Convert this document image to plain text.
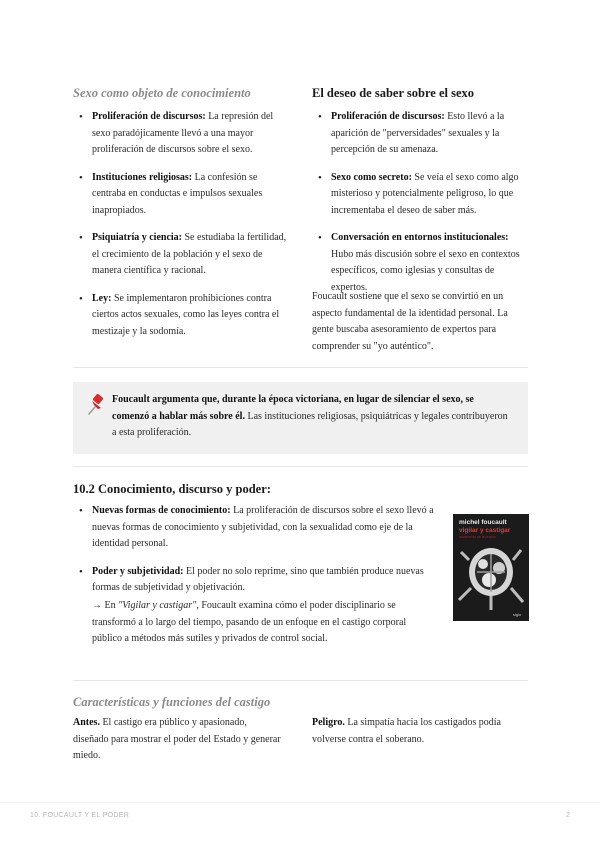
Sexo como objeto de conocimiento
• Proliferación de discursos: La represión del sexo paradójicamente llevó a una mayor proliferación de discursos sobre el sexo.
• Instituciones religiosas: La confesión se centraba en conductas e impulsos sexuales inapropiados.
• Psiquiatría y ciencia: Se estudiaba la fertilidad, el crecimiento de la población y el sexo de manera científica y racional.
• Ley: Se implementaron prohibiciones contra ciertos actos sexuales, como las leyes contra el mestizaje y la sodomía.
El deseo de saber sobre el sexo
• Proliferación de discursos: Esto llevó a la aparición de "perversidades" sexuales y la percepción de su amenaza.
• Sexo como secreto: Se veía el sexo como algo misterioso y potencialmente peligroso, lo que incrementaba el deseo de saber más.
• Conversación en entornos institucionales: Hubo más discusión sobre el sexo en contextos específicos, como iglesias y consultas de expertos.

Foucault sostiene que el sexo se convirtió en un aspecto fundamental de la identidad personal. La gente buscaba asesoramiento de expertos para comprender su "yo auténtico".

Foucault argumenta que, durante la época victoriana, en lugar de silenciar el sexo, se comenzó a hablar más sobre él. Las instituciones religiosas, psiquiátricas y legales contribuyeron a esta proliferación.

10.2 Conocimiento, discurso y poder:
• Nuevas formas de conocimiento: La proliferación de discursos sobre el sexo llevó a nuevas formas de conocimiento y subjetividad, con la sexualidad como eje de la identidad personal.
• Poder y subjetividad: El poder no solo reprime, sino que también produce nuevas formas de subjetividad y objetivación.

→ En "Vigilar y castigar", Foucault examina cómo el poder disciplinario se transformó a lo largo del tiempo, pasando de un enfoque en el castigo corporal público a métodos más sutiles y privados de control social.

michel foucault
vigilar y castigar
nacimiento de la prisión
siglo
Características y funciones del castigo

Antes. El castigo era público y apasionado, diseñado para mostrar el poder del Estado y generar miedo.

Peligro. La simpatía hacia los castigados podía volverse contra el soberano.

10. FOUCAULT Y EL PODER	2
